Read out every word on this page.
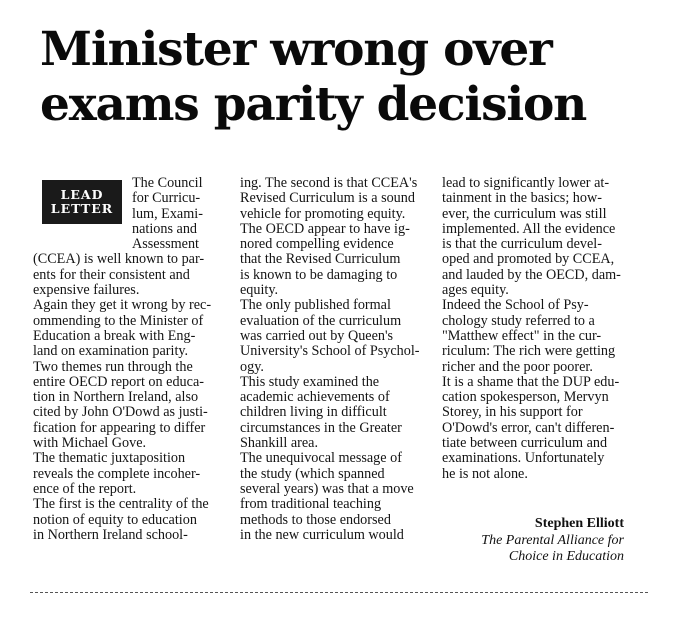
Minister wrong over
exams parity decision
LEAD
LETTER
The Council
for Curricu-
lum, Exami-
nations and
Assessment
(CCEA) is well known to par-
ents for their consistent and
expensive failures.
Again they get it wrong by rec-
ommending to the Minister of
Education a break with Eng-
land on examination parity.
Two themes run through the
entire OECD report on educa-
tion in Northern Ireland, also
cited by John O'Dowd as justi-
fication for appearing to differ
with Michael Gove.
The thematic juxtaposition
reveals the complete incoher-
ence of the report.
The first is the centrality of the
notion of equity to education
in Northern Ireland school-
ing. The second is that CCEA's
Revised Curriculum is a sound
vehicle for promoting equity.
The OECD appear to have ig-
nored compelling evidence
that the Revised Curriculum
is known to be damaging to
equity.
The only published formal
evaluation of the curriculum
was carried out by Queen's
University's School of Psychol-
ogy.
This study examined the
academic achievements of
children living in difficult
circumstances in the Greater
Shankill area.
The unequivocal message of
the study (which spanned
several years) was that a move
from traditional teaching
methods to those endorsed
in the new curriculum would
lead to significantly lower at-
tainment in the basics; how-
ever, the curriculum was still
implemented. All the evidence
is that the curriculum devel-
oped and promoted by CCEA,
and lauded by the OECD, dam-
ages equity.
Indeed the School of Psy-
chology study referred to a
"Matthew effect" in the cur-
riculum: The rich were getting
richer and the poor poorer.
It is a shame that the DUP edu-
cation spokesperson, Mervyn
Storey, in his support for
O'Dowd's error, can't differen-
tiate between curriculum and
examinations. Unfortunately
he is not alone.
Stephen Elliott
The Parental Alliance for
Choice in Education
